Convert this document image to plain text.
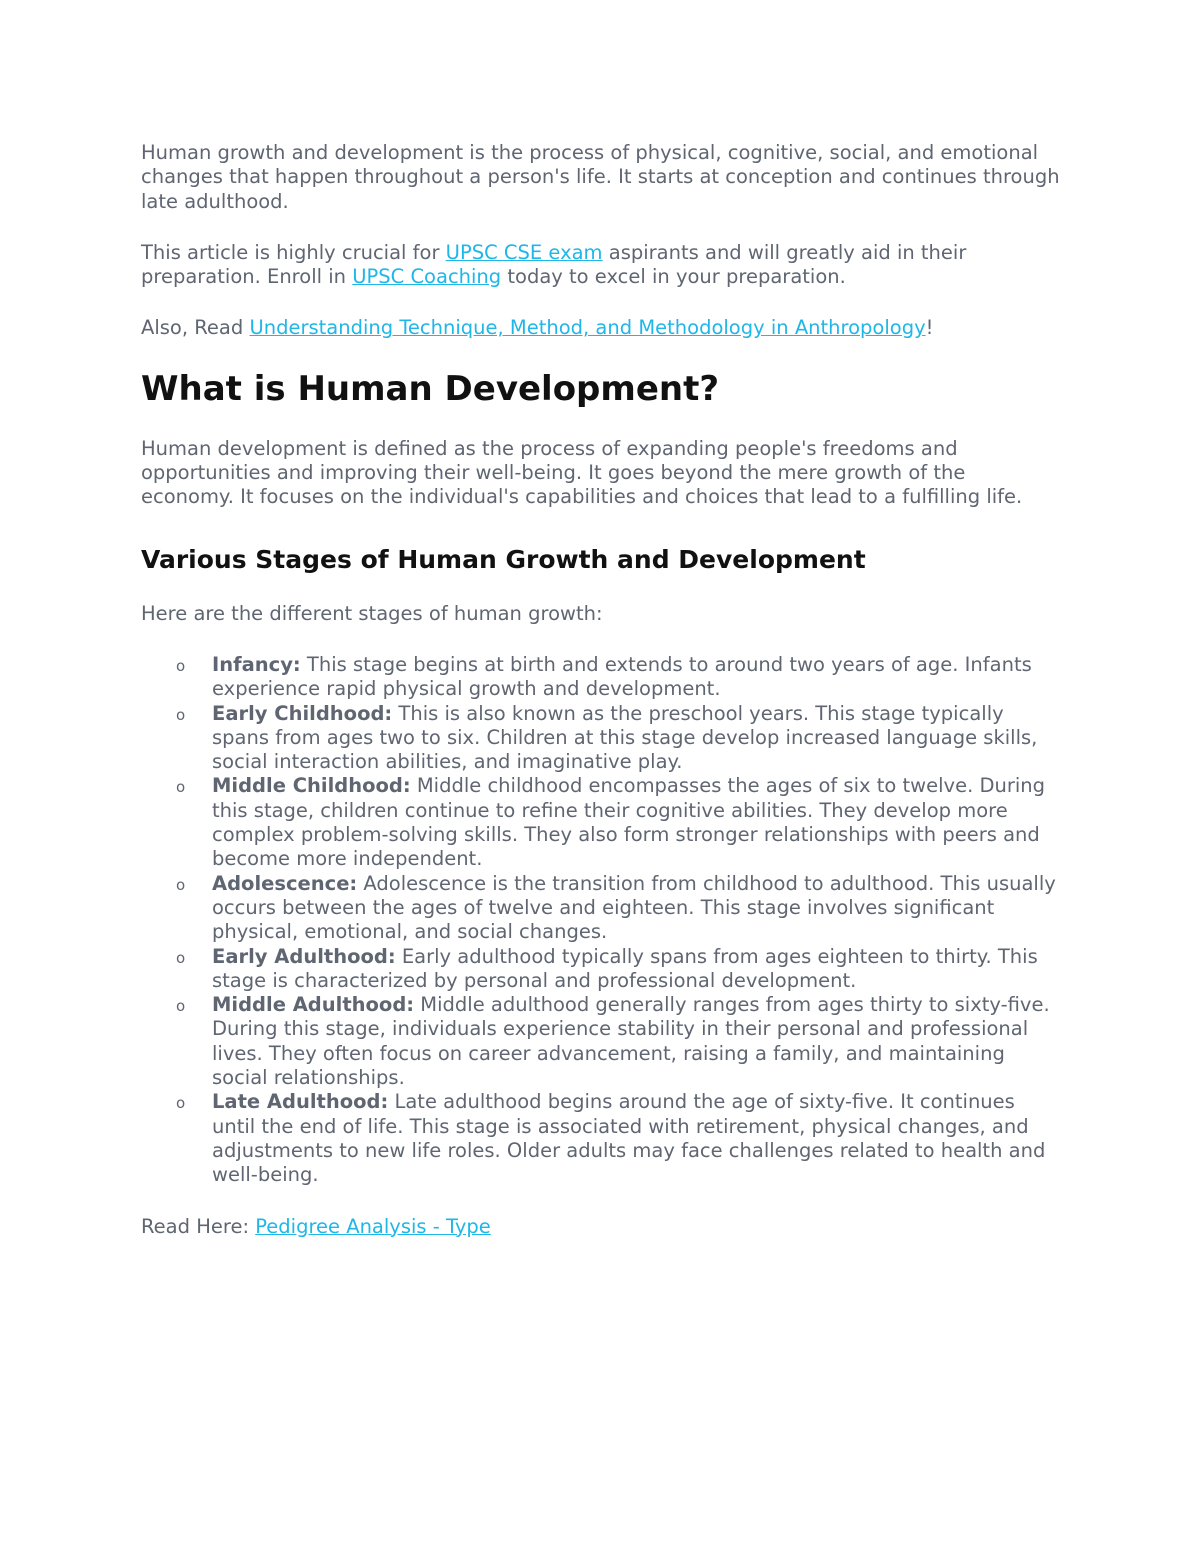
Human growth and development is the process of physical, cognitive, social, and emotional changes that happen throughout a person's life. It starts at conception and continues through late adulthood.

This article is highly crucial for UPSC CSE exam aspirants and will greatly aid in their preparation. Enroll in UPSC Coaching today to excel in your preparation.

Also, Read Understanding Technique, Method, and Methodology in Anthropology!

What is Human Development?

Human development is defined as the process of expanding people's freedoms and opportunities and improving their well-being. It goes beyond the mere growth of the economy. It focuses on the individual's capabilities and choices that lead to a fulfilling life.

Various Stages of Human Growth and Development

Here are the different stages of human growth:

o Infancy: This stage begins at birth and extends to around two years of age. Infants experience rapid physical growth and development.
o Early Childhood: This is also known as the preschool years. This stage typically spans from ages two to six. Children at this stage develop increased language skills, social interaction abilities, and imaginative play.
o Middle Childhood: Middle childhood encompasses the ages of six to twelve. During this stage, children continue to refine their cognitive abilities. They develop more complex problem-solving skills. They also form stronger relationships with peers and become more independent.
o Adolescence: Adolescence is the transition from childhood to adulthood. This usually occurs between the ages of twelve and eighteen. This stage involves significant physical, emotional, and social changes.
o Early Adulthood: Early adulthood typically spans from ages eighteen to thirty. This stage is characterized by personal and professional development.
o Middle Adulthood: Middle adulthood generally ranges from ages thirty to sixty-five. During this stage, individuals experience stability in their personal and professional lives. They often focus on career advancement, raising a family, and maintaining social relationships.
o Late Adulthood: Late adulthood begins around the age of sixty-five. It continues until the end of life. This stage is associated with retirement, physical changes, and adjustments to new life roles. Older adults may face challenges related to health and well-being.

Read Here: Pedigree Analysis - Type
